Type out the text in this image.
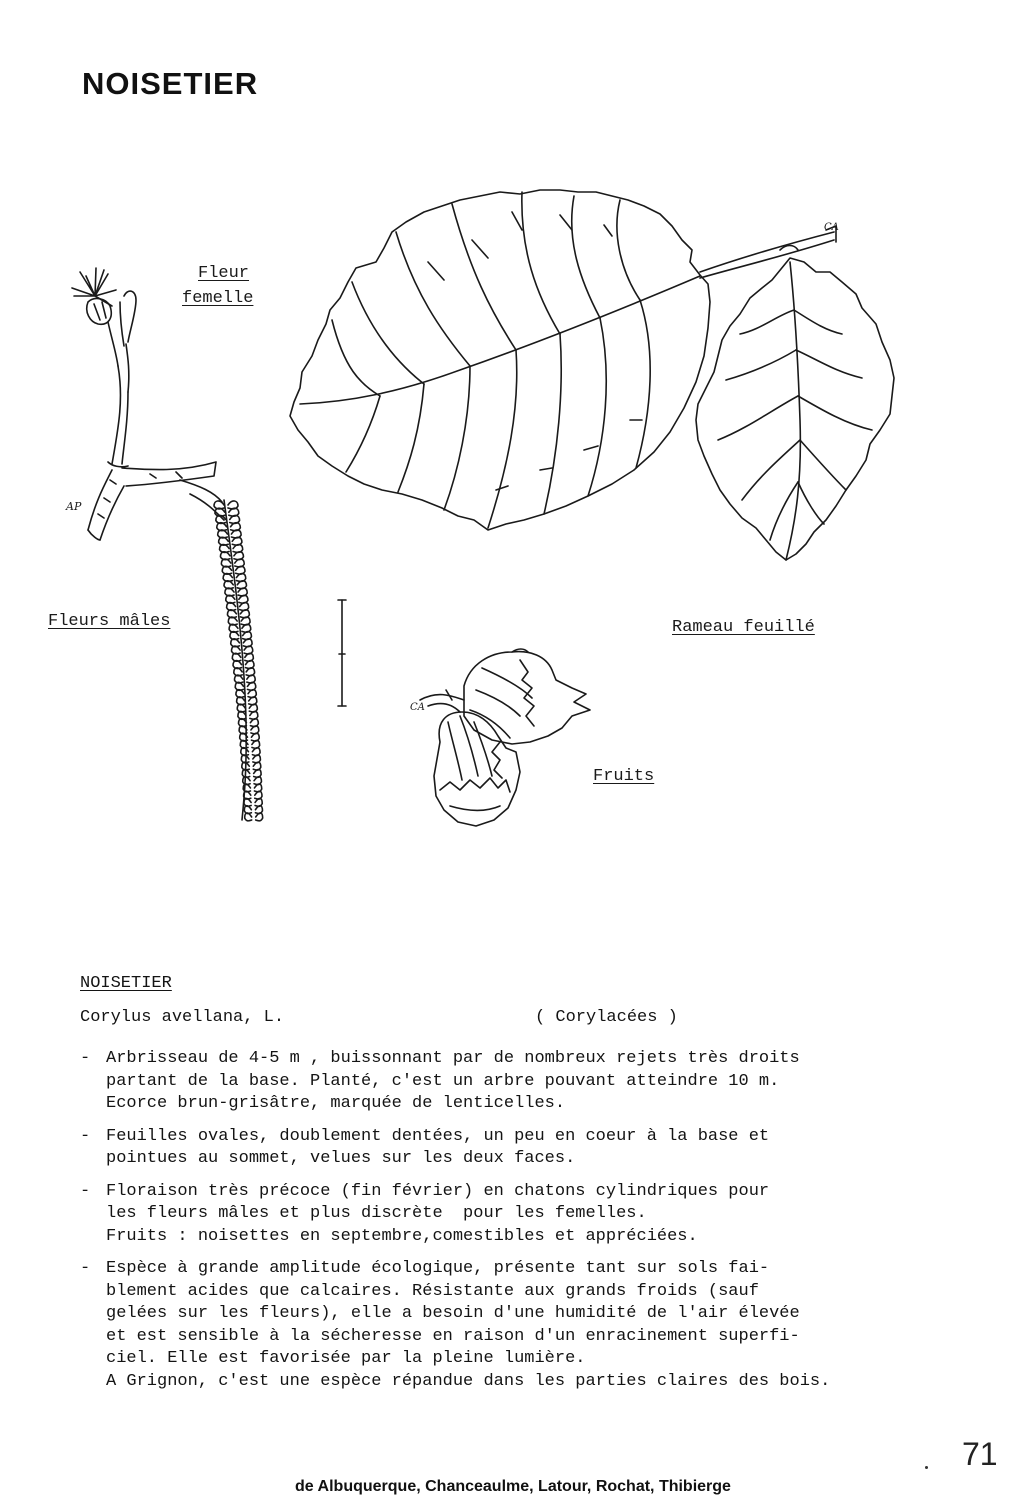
NOISETIER
AP
CA
CA
Fleur
femelle
Fleurs mâles	Rameau feuillé
Fruits
NOISETIER
Corylus avellana, L.	( Corylacées )
- Arbrisseau de 4-5 m , buissonnant par de nombreux rejets très droits
partant de la base. Planté, c'est un arbre pouvant atteindre 10 m.
Ecorce brun-grisâtre, marquée de lenticelles.
- Feuilles ovales, doublement dentées, un peu en coeur à la base et
pointues au sommet, velues sur les deux faces.
- Floraison très précoce (fin février) en chatons cylindriques pour
les fleurs mâles et plus discrète  pour les femelles.
Fruits : noisettes en septembre,comestibles et appréciées.
- Espèce à grande amplitude écologique, présente tant sur sols fai-
blement acides que calcaires. Résistante aux grands froids (sauf
gelées sur les fleurs), elle a besoin d'une humidité de l'air élevée
et est sensible à la sécheresse en raison d'un enracinement superfi-
ciel. Elle est favorisée par la pleine lumière.
A Grignon, c'est une espèce répandue dans les parties claires des bois.
71
de Albuquerque, Chanceaulme, Latour, Rochat, Thibierge
